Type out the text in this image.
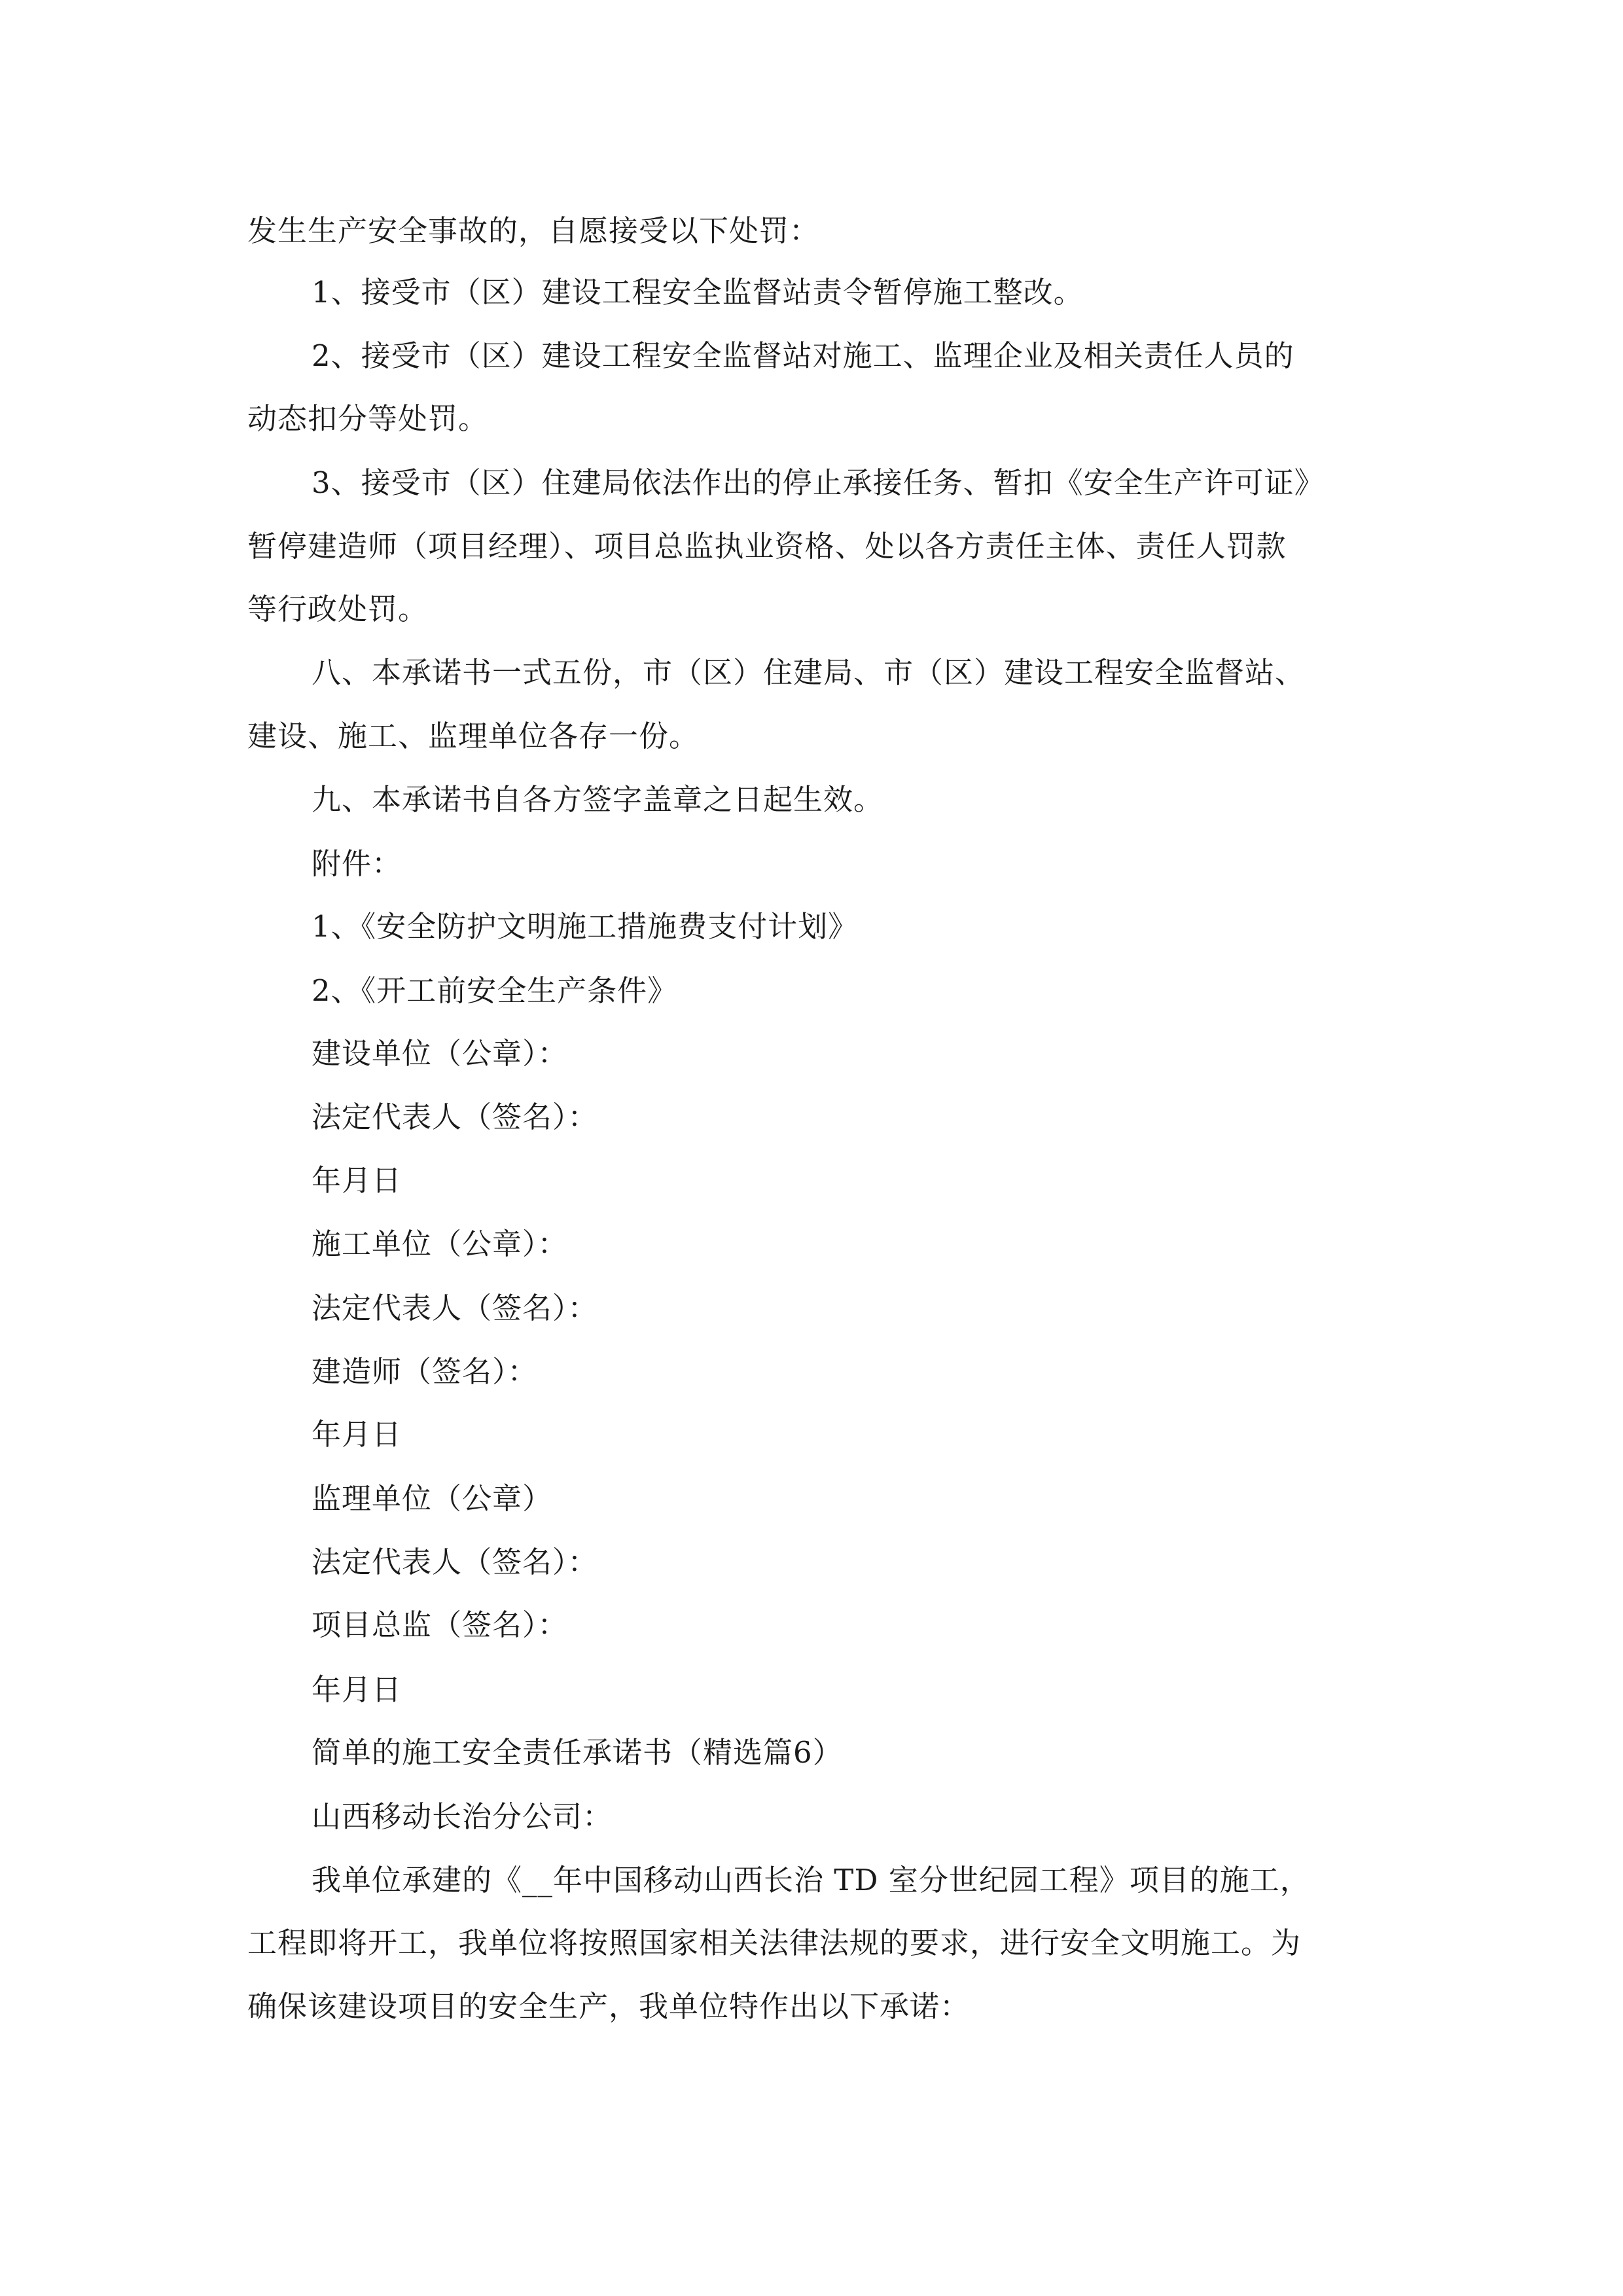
发生生产安全事故的，自愿接受以下处罚：
1、接受市（区）建设工程安全监督站责令暂停施工整改。
2、接受市（区）建设工程安全监督站对施工、监理企业及相关责任人员的
动态扣分等处罚。
3、接受市（区）住建局依法作出的停止承接任务、暂扣《安全生产许可证》
暂停建造师（项目经理）、项目总监执业资格、处以各方责任主体、责任人罚款
等行政处罚。
八、本承诺书一式五份，市（区）住建局、市（区）建设工程安全监督站、
建设、施工、监理单位各存一份。
九、本承诺书自各方签字盖章之日起生效。
附件：
1、《安全防护文明施工措施费支付计划》
2、《开工前安全生产条件》
建设单位（公章）：
法定代表人（签名）：
年月日
施工单位（公章）：
法定代表人（签名）：
建造师（签名）：
年月日
监理单位（公章）
法定代表人（签名）：
项目总监（签名）：
年月日
简单的施工安全责任承诺书（精选篇6）
山西移动长治分公司：
我单位承建的《__年中国移动山西长治 TD 室分世纪园工程》项目的施工，
工程即将开工，我单位将按照国家相关法律法规的要求，进行安全文明施工。为
确保该建设项目的安全生产，我单位特作出以下承诺：
